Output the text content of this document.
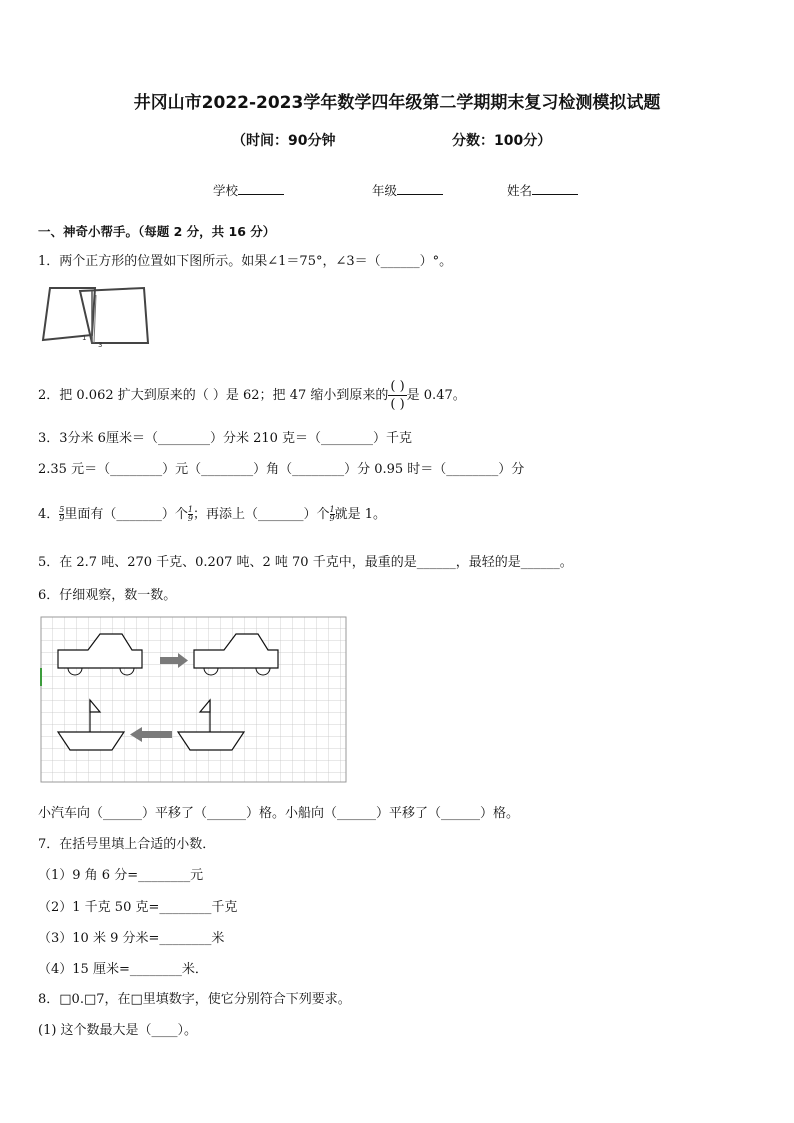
井冈山市2022-2023学年数学四年级第二学期期末复习检测模拟试题
（时间：90分钟	分数：100分）
学校	年级	姓名
一、神奇小帮手。（每题 2 分，共 16 分）
1．两个正方形的位置如下图所示。如果∠1＝75°，∠3＝（______）°。
1
3
2．把 0.062 扩大到原来的（ ）是 62；把 47 缩小到原来的 $\frac{( )}{( )}$ 是 0.47。
3．3分米 6厘米＝（________）分米 210 克＝（________）千克
2.35 元＝（________）元（________）角（________）分 0.95 时＝（________）分
4． $\frac{5}{9}$ 里面有（_______）个 $\frac{1}{9}$ ；再添上（_______）个 $\frac{1}{9}$ 就是 1。
5．在 2.7 吨、270 千克、0.207 吨、2 吨 70 千克中，最重的是______，最轻的是______。
6．仔细观察，数一数。
小汽车向（______）平移了（______）格。小船向（______）平移了（______）格。
7．在括号里填上合适的小数．
（1）9 角 6 分=________元
（2）1 千克 50 克=________千克
（3）10 米 9 分米=________米
（4）15 厘米=________米．
8．□0.□7，在□里填数字，使它分别符合下列要求。
(1) 这个数最大是（____）。
